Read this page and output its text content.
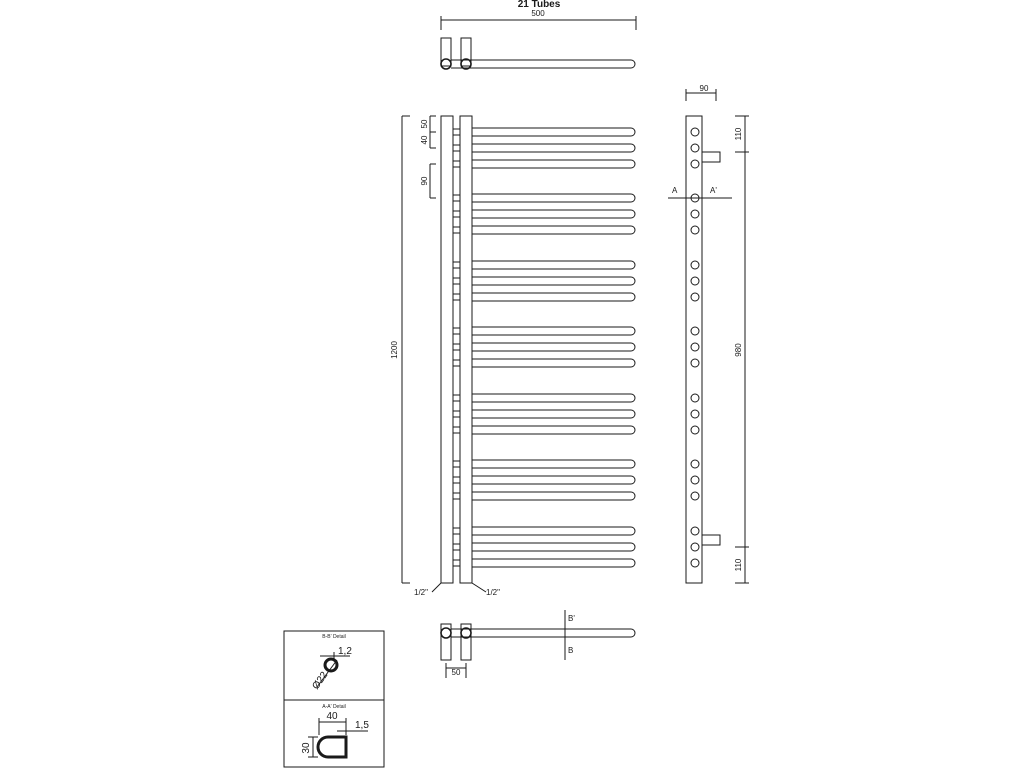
21 Tubes
500
1200
50
40
90
1/2"	1/2"
90
A	A'
110
980
110
B'
B
50
B-B' Detail
1,2
Ø22
A-A' Detail
40
1,5
30
